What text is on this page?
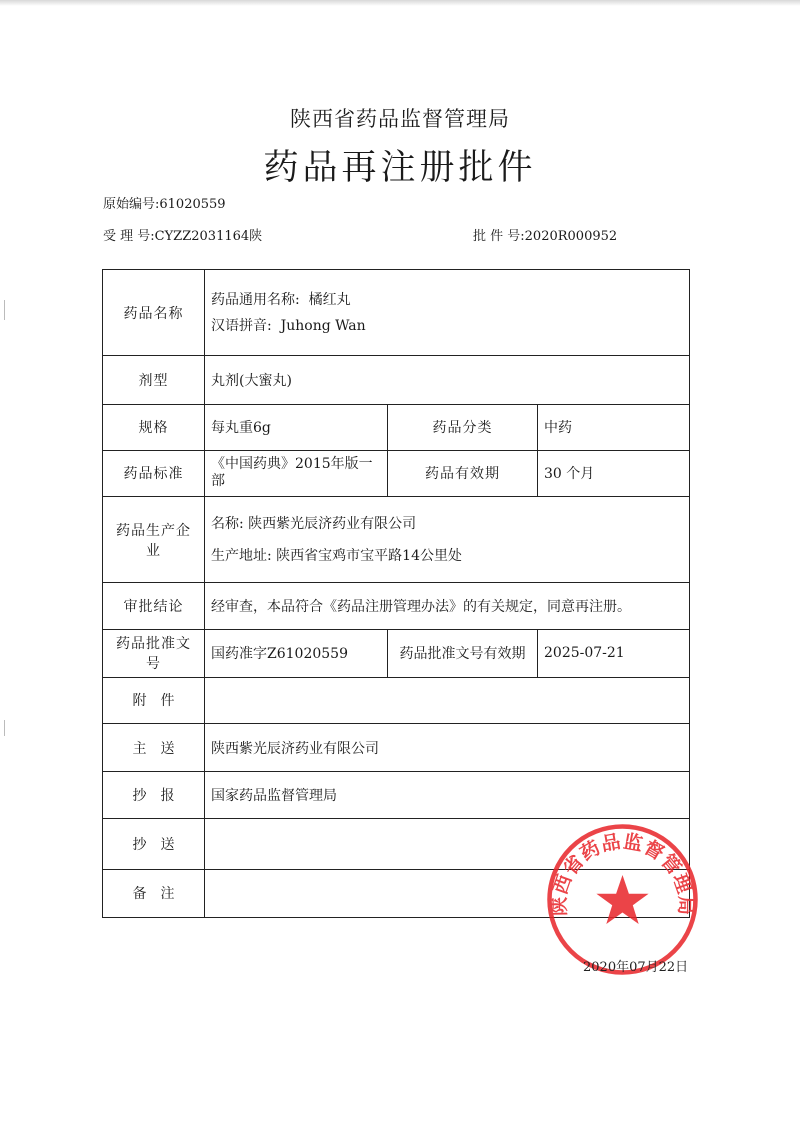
陕西省药品监督管理局
药品再注册批件
原始编号:61020559
受 理 号:CYZZ2031164陕	批 件 号:2020R000952
药品名称	药品通用名称: 橘红丸
汉语拼音: Juhong Wan		

剂型	丸剂(大蜜丸)		
规格	每丸重6g	药品分类	中药
药品标准	《中国药典》2015年版一部	药品有效期	30 个月
药品生产企业	名称: 陕西紫光辰济药业有限公司
生产地址: 陕西省宝鸡市宝平路14公里处		

审批结论	经审查，本品符合《药品注册管理办法》的有关规定，同意再注册。		
药品批准文号	国药准字Z61020559	药品批准文号有效期	2025-07-21
附件			
主送	陕西紫光辰济药业有限公司		
抄报	国家药品监督管理局		
抄送			
备注			
陕西省药品监督管理局
2020年07月22日
